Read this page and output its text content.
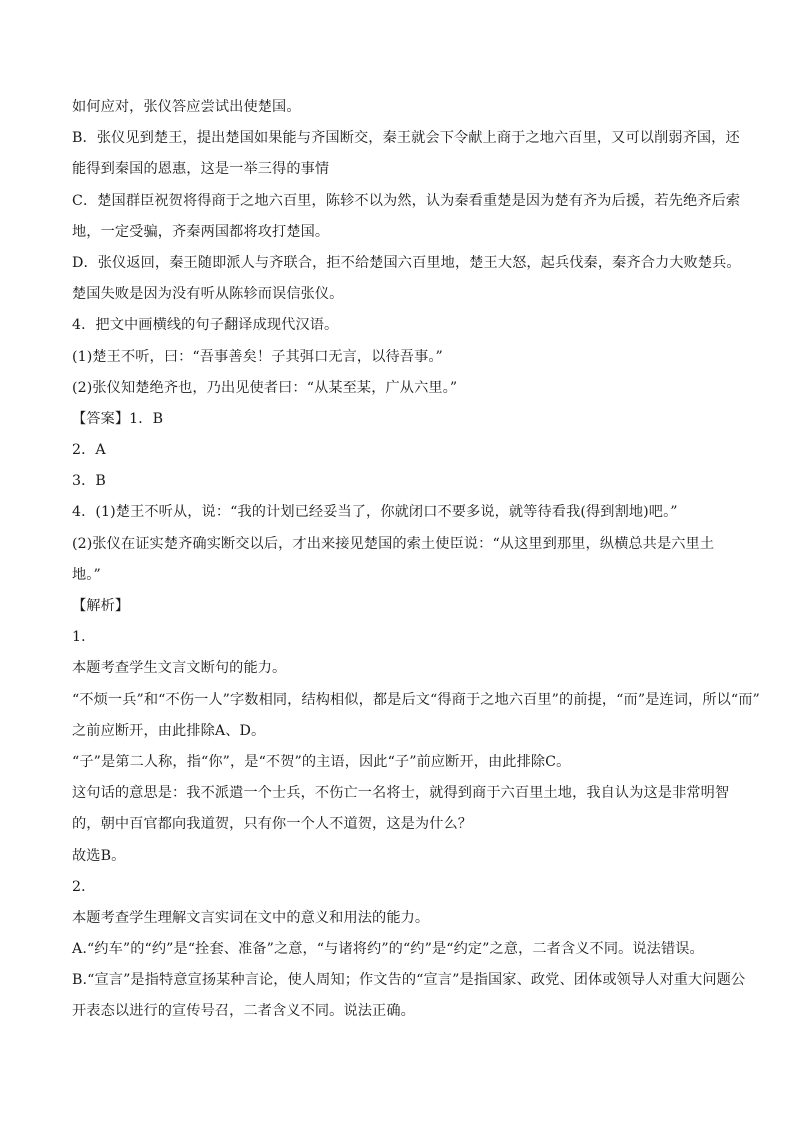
如何应对，张仪答应尝试出使楚国。
B．张仪见到楚王，提出楚国如果能与齐国断交，秦王就会下令献上商于之地六百里，又可以削弱齐国，还
能得到秦国的恩惠，这是一举三得的事情
C．楚国群臣祝贺将得商于之地六百里，陈轸不以为然，认为秦看重楚是因为楚有齐为后援，若先绝齐后索
地，一定受骗，齐秦两国都将攻打楚国。
D．张仪返回，秦王随即派人与齐联合，拒不给楚国六百里地，楚王大怒，起兵伐秦，秦齐合力大败楚兵。
楚国失败是因为没有听从陈轸而误信张仪。
4．把文中画横线的句子翻译成现代汉语。
(1)楚王不听，曰：“吾事善矣！子其弭口无言，以待吾事。”
(2)张仪知楚绝齐也，乃出见使者曰：“从某至某，广从六里。”
【答案】1．B
2．A
3．B
4．(1)楚王不听从，说：“我的计划已经妥当了，你就闭口不要多说，就等待看我(得到割地)吧。”
(2)张仪在证实楚齐确实断交以后，才出来接见楚国的索土使臣说：“从这里到那里，纵横总共是六里土
地。”
【解析】
1．
本题考查学生文言文断句的能力。
“不烦一兵”和“不伤一人”字数相同，结构相似，都是后文“得商于之地六百里”的前提，“而”是连词，所以“而”
之前应断开，由此排除A、D。
“子”是第二人称，指“你”，是“不贺”的主语，因此“子”前应断开，由此排除C。
这句话的意思是：我不派遣一个士兵，不伤亡一名将士，就得到商于六百里土地，我自认为这是非常明智
的，朝中百官都向我道贺，只有你一个人不道贺，这是为什么？
故选B。
2．
本题考查学生理解文言实词在文中的意义和用法的能力。
A.“约车”的“约”是“拴套、准备”之意，“与诸将约”的“约”是“约定”之意，二者含义不同。说法错误。
B.“宣言”是指特意宣扬某种言论，使人周知；作文告的“宣言”是指国家、政党、团体或领导人对重大问题公
开表态以进行的宣传号召，二者含义不同。说法正确。
